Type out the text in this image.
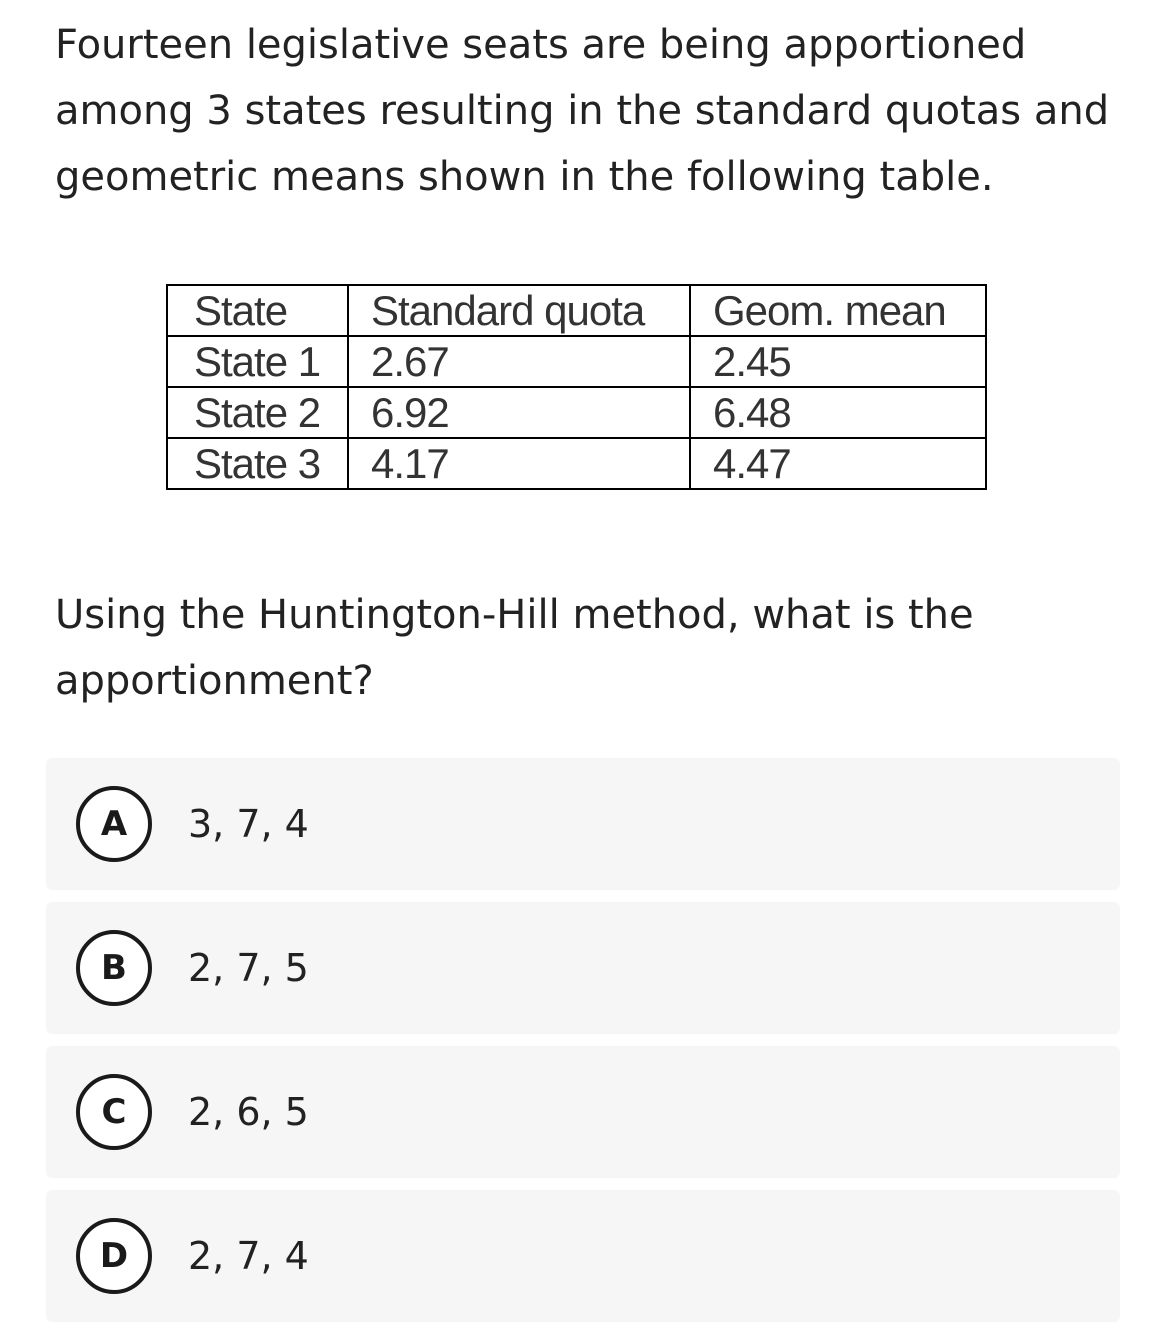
Fourteen legislative seats are being apportioned among 3 states resulting in the standard quotas and geometric means shown in the following table.

State	Standard quota	Geom. mean
State 1	2.67	2.45
State 2	6.92	6.48
State 3	4.17	4.47

Using the Huntington-Hill method, what is the apportionment?

A	3, 7, 4
B	2, 7, 5
C	2, 6, 5
D	2, 7, 4
